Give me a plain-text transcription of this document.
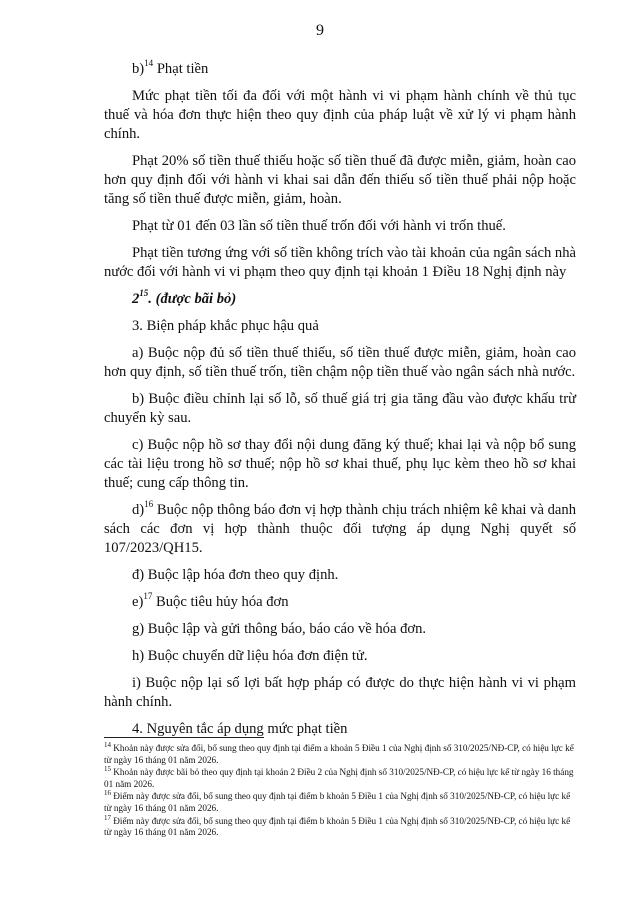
9

b)$^{14}$ Phạt tiền

Mức phạt tiền tối đa đối với một hành vi vi phạm hành chính về thủ tục thuế và hóa đơn thực hiện theo quy định của pháp luật về xử lý vi phạm hành chính.

Phạt 20% số tiền thuế thiếu hoặc số tiền thuế đã được miễn, giảm, hoàn cao hơn quy định đối với hành vi khai sai dẫn đến thiếu số tiền thuế phải nộp hoặc tăng số tiền thuế được miễn, giảm, hoàn.

Phạt từ 01 đến 03 lần số tiền thuế trốn đối với hành vi trốn thuế.

Phạt tiền tương ứng với số tiền không trích vào tài khoản của ngân sách nhà nước đối với hành vi vi phạm theo quy định tại khoản 1 Điều 18 Nghị định này

$2^{15}$. (được bãi bỏ)

3. Biện pháp khắc phục hậu quả

a) Buộc nộp đủ số tiền thuế thiếu, số tiền thuế được miễn, giảm, hoàn cao hơn quy định, số tiền thuế trốn, tiền chậm nộp tiền thuế vào ngân sách nhà nước.

b) Buộc điều chỉnh lại số lỗ, số thuế giá trị gia tăng đầu vào được khấu trừ chuyển kỳ sau.

c) Buộc nộp hồ sơ thay đổi nội dung đăng ký thuế; khai lại và nộp bổ sung các tài liệu trong hồ sơ thuế; nộp hồ sơ khai thuế, phụ lục kèm theo hồ sơ khai thuế; cung cấp thông tin.

d)$^{16}$ Buộc nộp thông báo đơn vị hợp thành chịu trách nhiệm kê khai và danh sách các đơn vị hợp thành thuộc đối tượng áp dụng Nghị quyết số 107/2023/QH15.

đ) Buộc lập hóa đơn theo quy định.

e)$^{17}$ Buộc tiêu hủy hóa đơn

g) Buộc lập và gửi thông báo, báo cáo về hóa đơn.

h) Buộc chuyển dữ liệu hóa đơn điện tử.

i) Buộc nộp lại số lợi bất hợp pháp có được do thực hiện hành vi vi phạm hành chính.

4. Nguyên tắc áp dụng mức phạt tiền

$^{14}$ Khoản này được sửa đổi, bổ sung theo quy định tại điểm a khoản 5 Điều 1 của Nghị định số 310/2025/NĐ-CP, có hiệu lực kể từ ngày 16 tháng 01 năm 2026.

$^{15}$ Khoản này được bãi bỏ theo quy định tại khoản 2 Điều 2 của Nghị định số 310/2025/NĐ-CP, có hiệu lực kể từ ngày 16 tháng 01 năm 2026.

$^{16}$ Điểm này được sửa đổi, bổ sung theo quy định tại điểm b khoản 5 Điều 1 của Nghị định số 310/2025/NĐ-CP, có hiệu lực kể từ ngày 16 tháng 01 năm 2026.

$^{17}$ Điểm này được sửa đổi, bổ sung theo quy định tại điểm b khoản 5 Điều 1 của Nghị định số 310/2025/NĐ-CP, có hiệu lực kể từ ngày 16 tháng 01 năm 2026.
